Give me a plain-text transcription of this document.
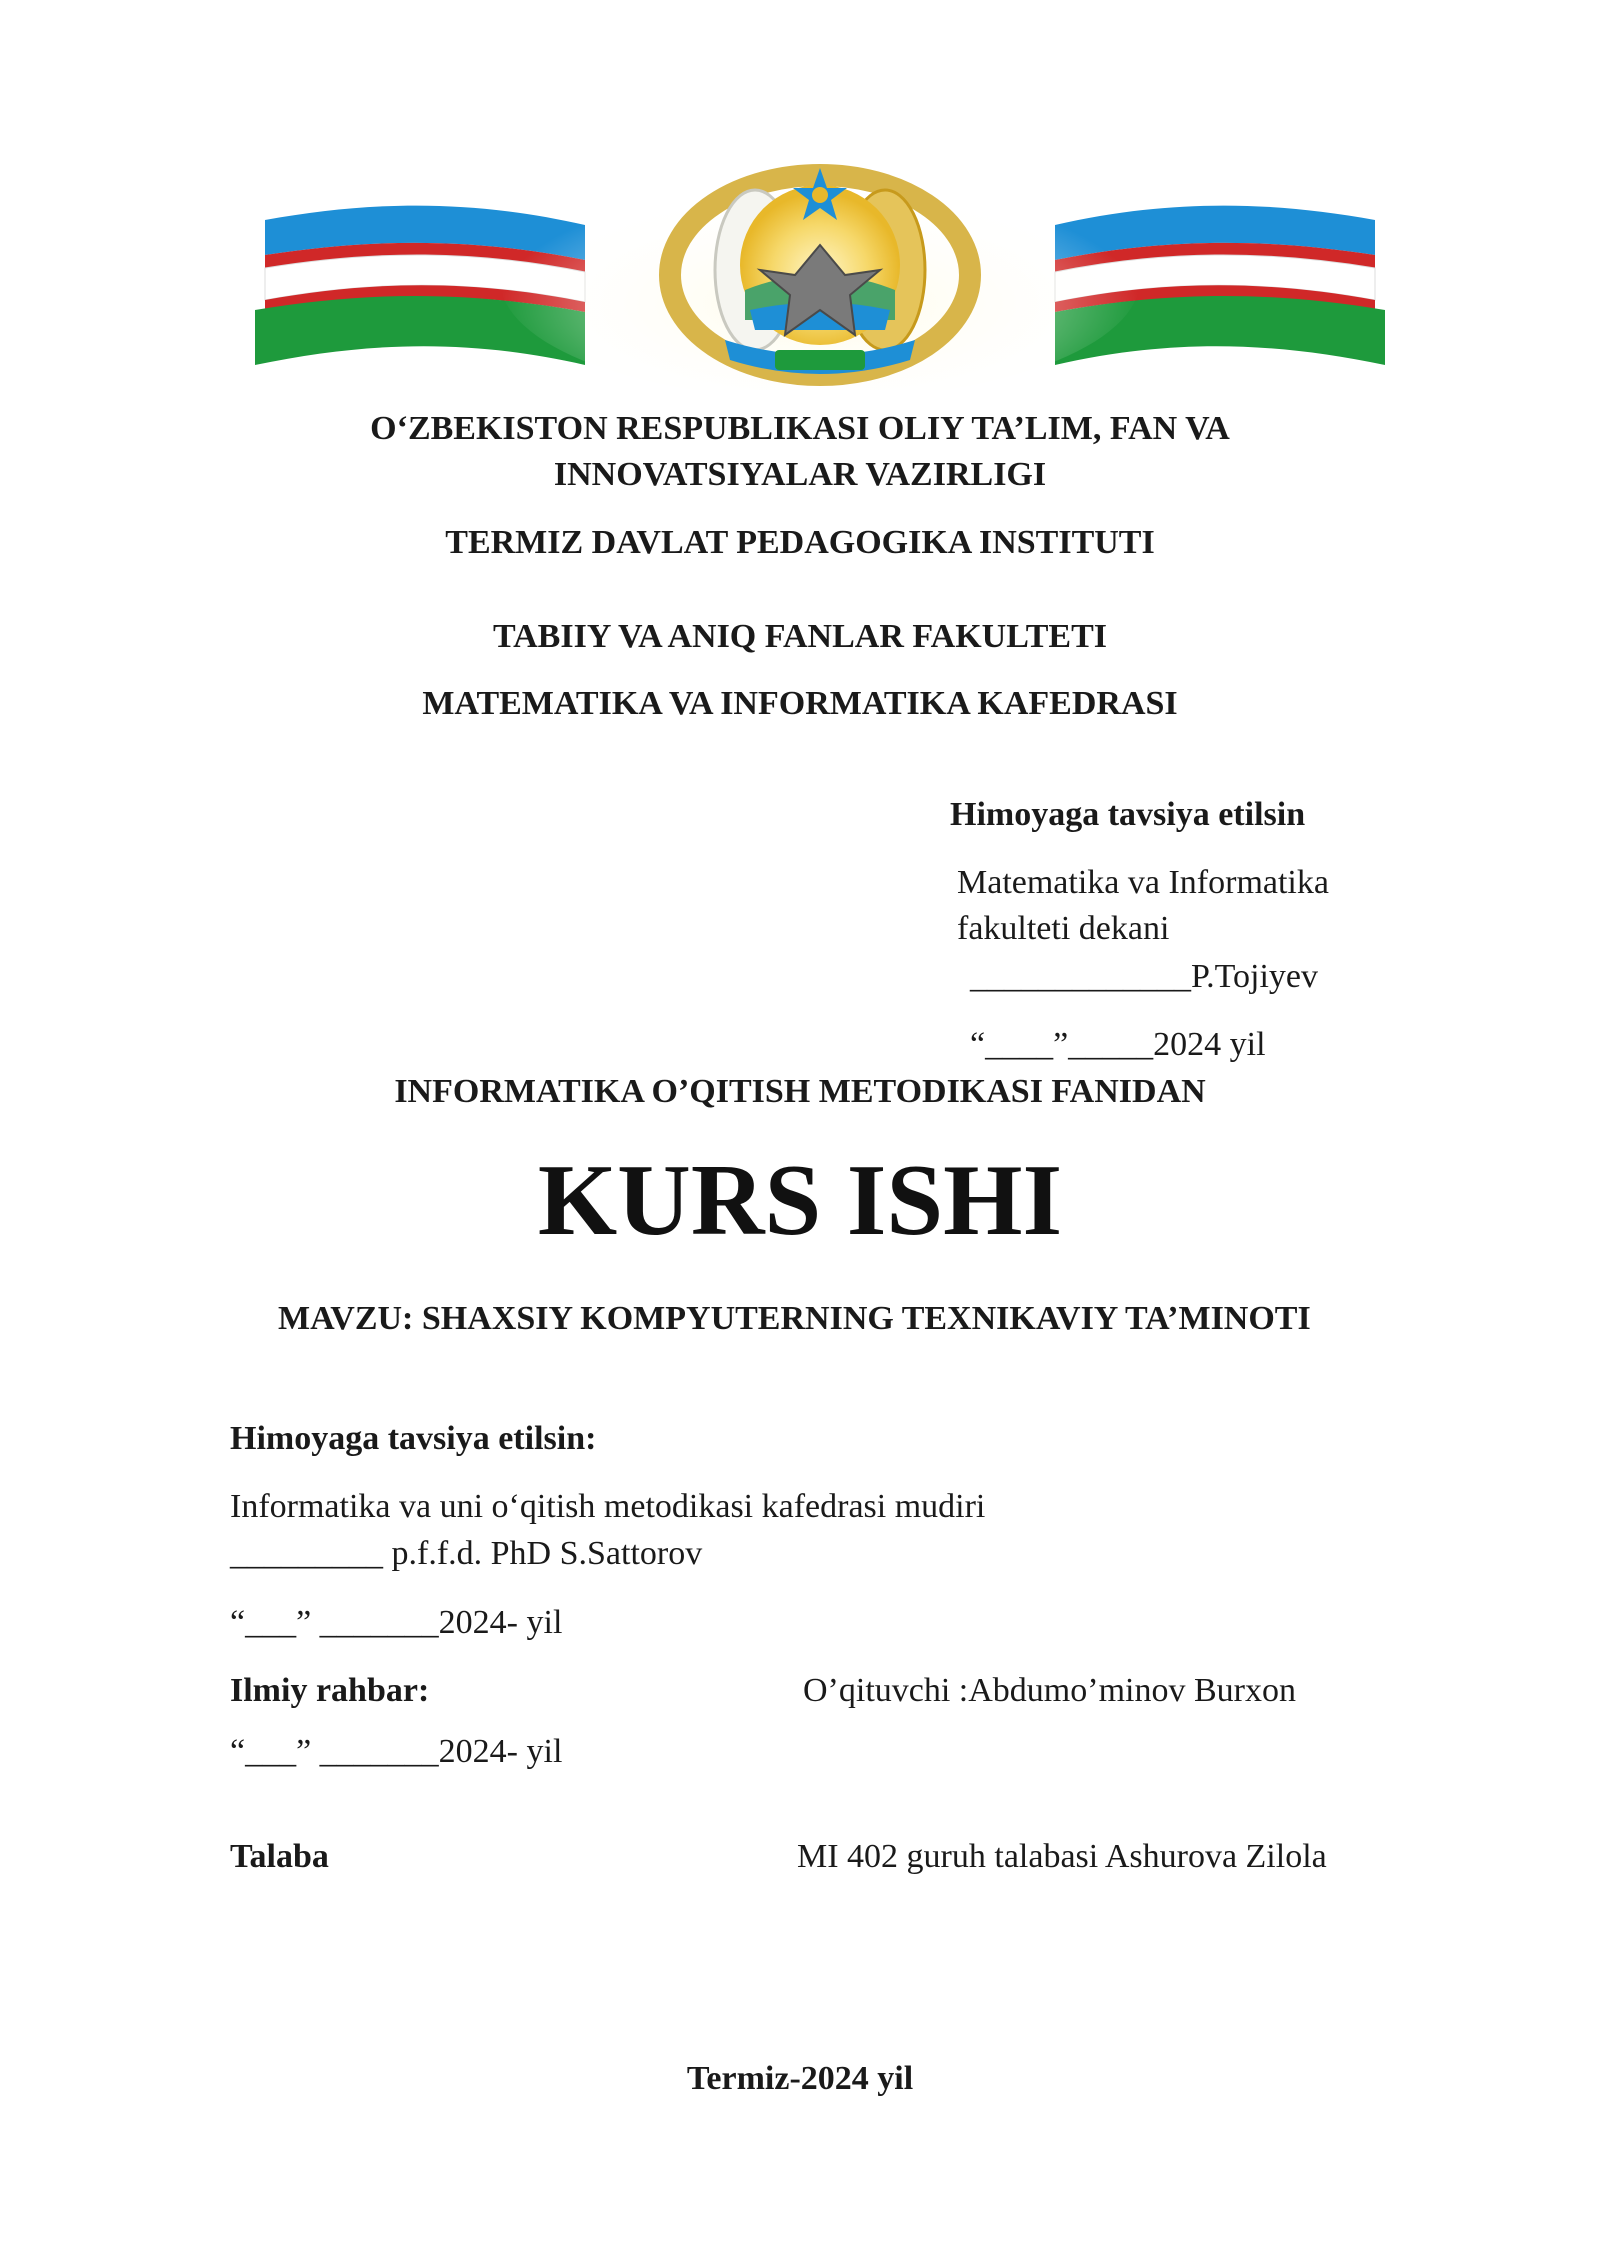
O‘ZBEKISTON RESPUBLIKASI OLIY TA’LIM, FAN VA
INNOVATSIYALAR VAZIRLIGI
TERMIZ DAVLAT PEDAGOGIKA INSTITUTI
TABIIY VA ANIQ FANLAR FAKULTETI
MATEMATIKA VA INFORMATIKA KAFEDRASI
Himoyaga tavsiya etilsin
Matematika va Informatika
fakulteti dekani
_____________P.Tojiyev
“____”_____2024 yil
INFORMATIKA O’QITISH METODIKASI FANIDAN
KURS ISHI
MAVZU: SHAXSIY KOMPYUTERNING TEXNIKAVIY TA’MINOTI
Himoyaga tavsiya etilsin:
Informatika va uni o‘qitish metodikasi kafedrasi mudiri
_________ p.f.f.d. PhD S.Sattorov
“___” _______2024- yil
Ilmiy rahbar:	O’qituvchi :Abdumo’minov Burxon
“___” _______2024- yil
Talaba	MI 402 guruh talabasi Ashurova Zilola
Termiz-2024 yil
